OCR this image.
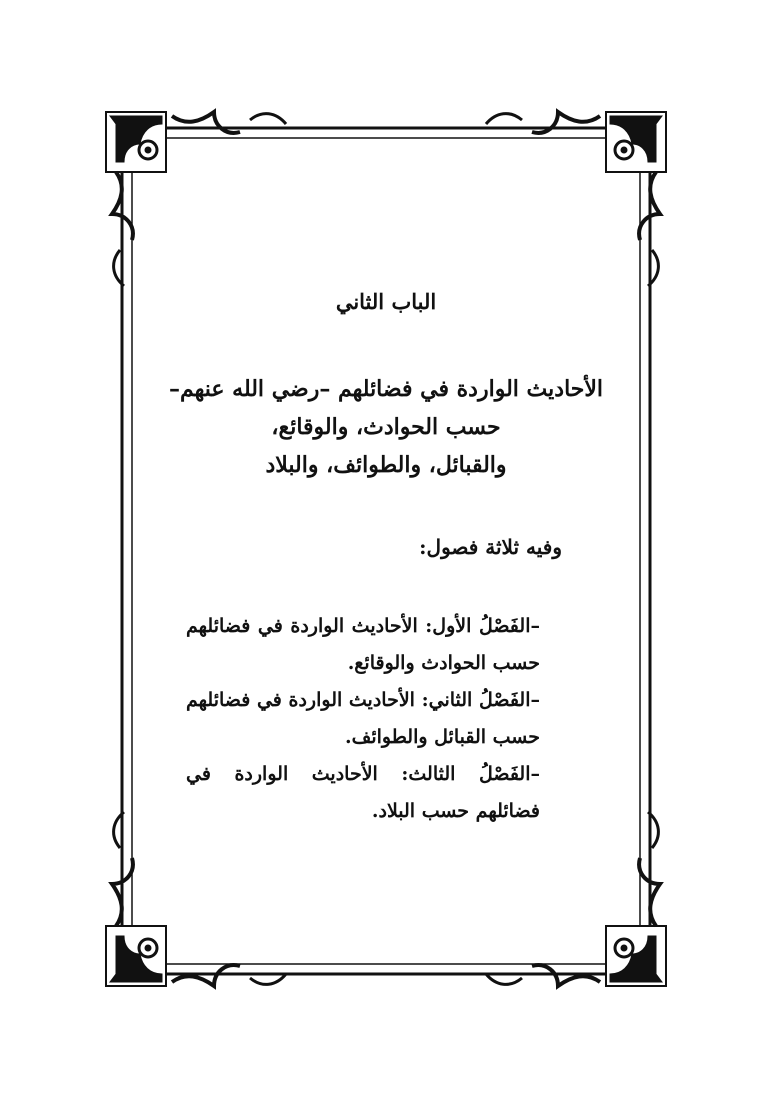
الباب الثاني
الأحاديث الواردة في فضائلهم –رضي الله عنهم–
حسب الحوادث، والوقائع،
والقبائل، والطوائف، والبلاد
وفيه ثلاثة فصول:
–الفَصْلُ الأول: الأحاديث الواردة في فضائلهم حسب الحوادث والوقائع.
–الفَصْلُ الثاني: الأحاديث الواردة في فضائلهم حسب القبائل والطوائف.
–الفَصْلُ الثالث: الأحاديث الواردة في فضائلهم حسب البلاد.
